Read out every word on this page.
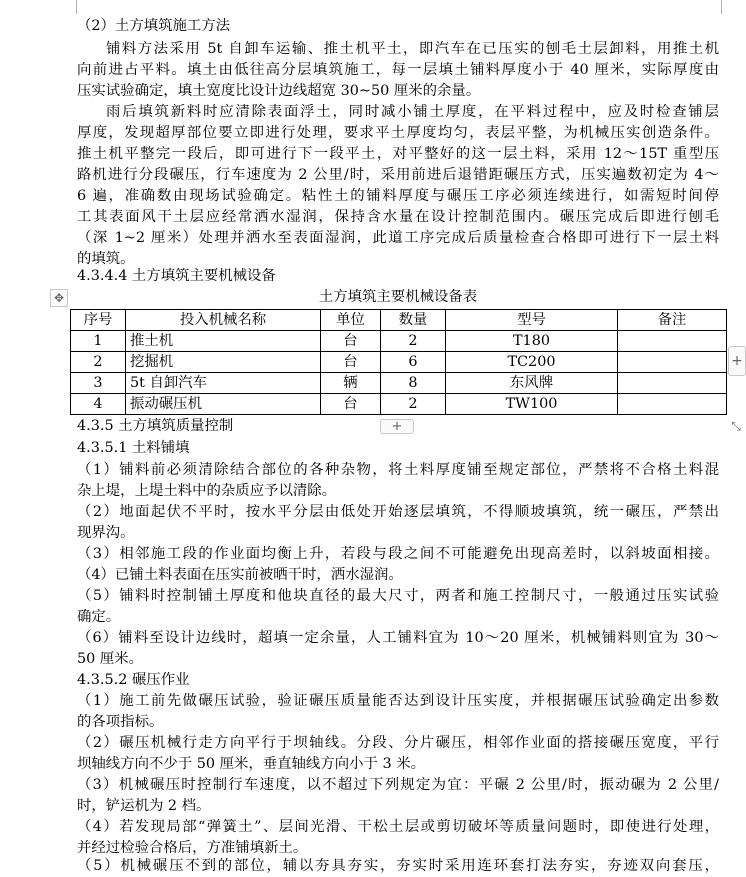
（2）土方填筑施工方法
铺料方法采用 5t 自卸车运输、推土机平土，即汽车在已压实的刨毛土层卸料，用推土机
向前进占平料。填土由低往高分层填筑施工，每一层填土铺料厚度小于 40 厘米，实际厚度由
压实试验确定，填土宽度比设计边线超宽 30~50 厘米的余量。
雨后填筑新料时应清除表面浮土，同时减小铺土厚度，在平料过程中，应及时检查铺层
厚度，发现超厚部位要立即进行处理，要求平土厚度均匀，表层平整，为机械压实创造条件。
推土机平整完一段后，即可进行下一段平土，对平整好的这一层土料，采用 12～15T 重型压
路机进行分段碾压，行车速度为 2 公里/时，采用前进后退错距碾压方式，压实遍数初定为 4～
6 遍，准确数由现场试验确定。粘性土的铺料厚度与碾压工序必须连续进行，如需短时间停
工其表面风干土层应经常洒水湿润，保持含水量在设计控制范围内。碾压完成后即进行刨毛
（深 1~2 厘米）处理并洒水至表面湿润，此道工序完成后质量检查合格即可进行下一层土料
的填筑。
4.3.4.4 土方填筑主要机械设备
✥	土方填筑主要机械设备表
序号	投入机械名称	单位	数量	型号	备注
1	推土机	台	2	T180	
2	挖掘机	台	6	TC200	
3	5t 自卸汽车	辆	8	东风牌	
4	振动碾压机	台	2	TW100	
+
+	⤡
4.3.5 土方填筑质量控制
4.3.5.1 土料铺填
（1）铺料前必须清除结合部位的各种杂物，将土料厚度铺至规定部位，严禁将不合格土料混
杂上堤，上堤土料中的杂质应予以清除。
（2）地面起伏不平时，按水平分层由低处开始逐层填筑，不得顺坡填筑，统一碾压，严禁出
现界沟。
（3）相邻施工段的作业面均衡上升，若段与段之间不可能避免出现高差时，以斜坡面相接。
（4）已铺土料表面在压实前被晒干时，洒水湿润。
（5）铺料时控制铺土厚度和他块直径的最大尺寸，两者和施工控制尺寸，一般通过压实试验
确定。
（6）铺料至设计边线时，超填一定余量，人工铺料宜为 10～20 厘米，机械铺料则宜为 30～
50 厘米。
4.3.5.2 碾压作业
（1）施工前先做碾压试验，验证碾压质量能否达到设计压实度，并根据碾压试验确定出参数
的各项指标。
（2）碾压机械行走方向平行于坝轴线。分段、分片碾压，相邻作业面的搭接碾压宽度，平行
坝轴线方向不少于 50 厘米，垂直轴线方向小于 3 米。
（3）机械碾压时控制行车速度，以不超过下列规定为宜：平碾 2 公里/时，振动碾为 2 公里/
时，铲运机为 2 档。
（4）若发现局部“弹簧土”、层间光滑、干松土层或剪切破坏等质量问题时，即使进行处理，
并经过检验合格后，方准铺填新土。
（5）机械碾压不到的部位，辅以夯具夯实，夯实时采用连环套打法夯实，夯迹双向套压，
